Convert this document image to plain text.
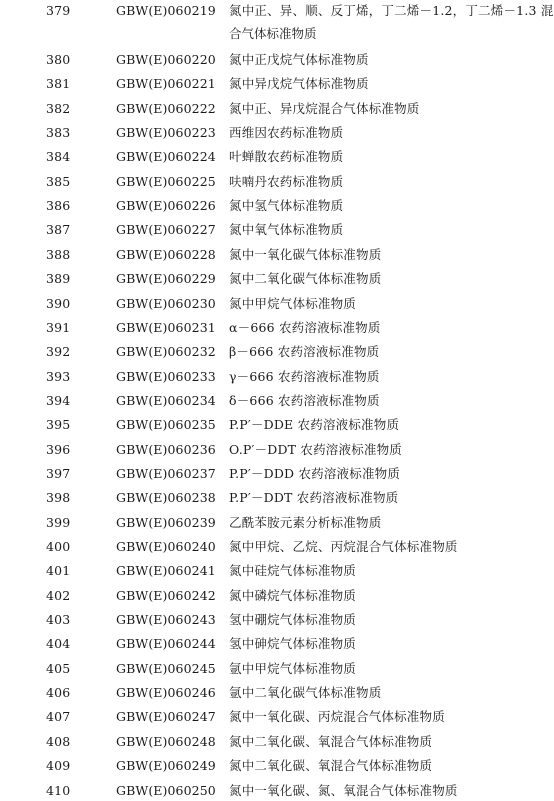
379	GBW(E)060219	氮中正、异、顺、反丁烯，丁二烯－1.2，丁二烯－1.3 混
合气体标准物质
380	GBW(E)060220	氮中正戊烷气体标准物质
381	GBW(E)060221	氮中异戊烷气体标准物质
382	GBW(E)060222	氮中正、异戊烷混合气体标准物质
383	GBW(E)060223	西维因农药标准物质
384	GBW(E)060224	叶蝉散农药标准物质
385	GBW(E)060225	呋喃丹农药标准物质
386	GBW(E)060226	氮中氢气体标准物质
387	GBW(E)060227	氮中氧气体标准物质
388	GBW(E)060228	氮中一氧化碳气体标准物质
389	GBW(E)060229	氮中二氧化碳气体标准物质
390	GBW(E)060230	氮中甲烷气体标准物质
391	GBW(E)060231	α－666 农药溶液标准物质
392	GBW(E)060232	β－666 农药溶液标准物质
393	GBW(E)060233	γ－666 农药溶液标准物质
394	GBW(E)060234	δ－666 农药溶液标准物质
395	GBW(E)060235	P.P′－DDE 农药溶液标准物质
396	GBW(E)060236	O.P′－DDT 农药溶液标准物质
397	GBW(E)060237	P.P′－DDD 农药溶液标准物质
398	GBW(E)060238	P.P′－DDT 农药溶液标准物质
399	GBW(E)060239	乙酰苯胺元素分析标准物质
400	GBW(E)060240	氮中甲烷、乙烷、丙烷混合气体标准物质
401	GBW(E)060241	氮中硅烷气体标准物质
402	GBW(E)060242	氮中磷烷气体标准物质
403	GBW(E)060243	氢中硼烷气体标准物质
404	GBW(E)060244	氢中砷烷气体标准物质
405	GBW(E)060245	氩中甲烷气体标准物质
406	GBW(E)060246	氩中二氧化碳气体标准物质
407	GBW(E)060247	氮中一氧化碳、丙烷混合气体标准物质
408	GBW(E)060248	氮中二氧化碳、氧混合气体标准物质
409	GBW(E)060249	氮中二氧化碳、氧混合气体标准物质
410	GBW(E)060250	氮中一氧化碳、氮、氧混合气体标准物质
